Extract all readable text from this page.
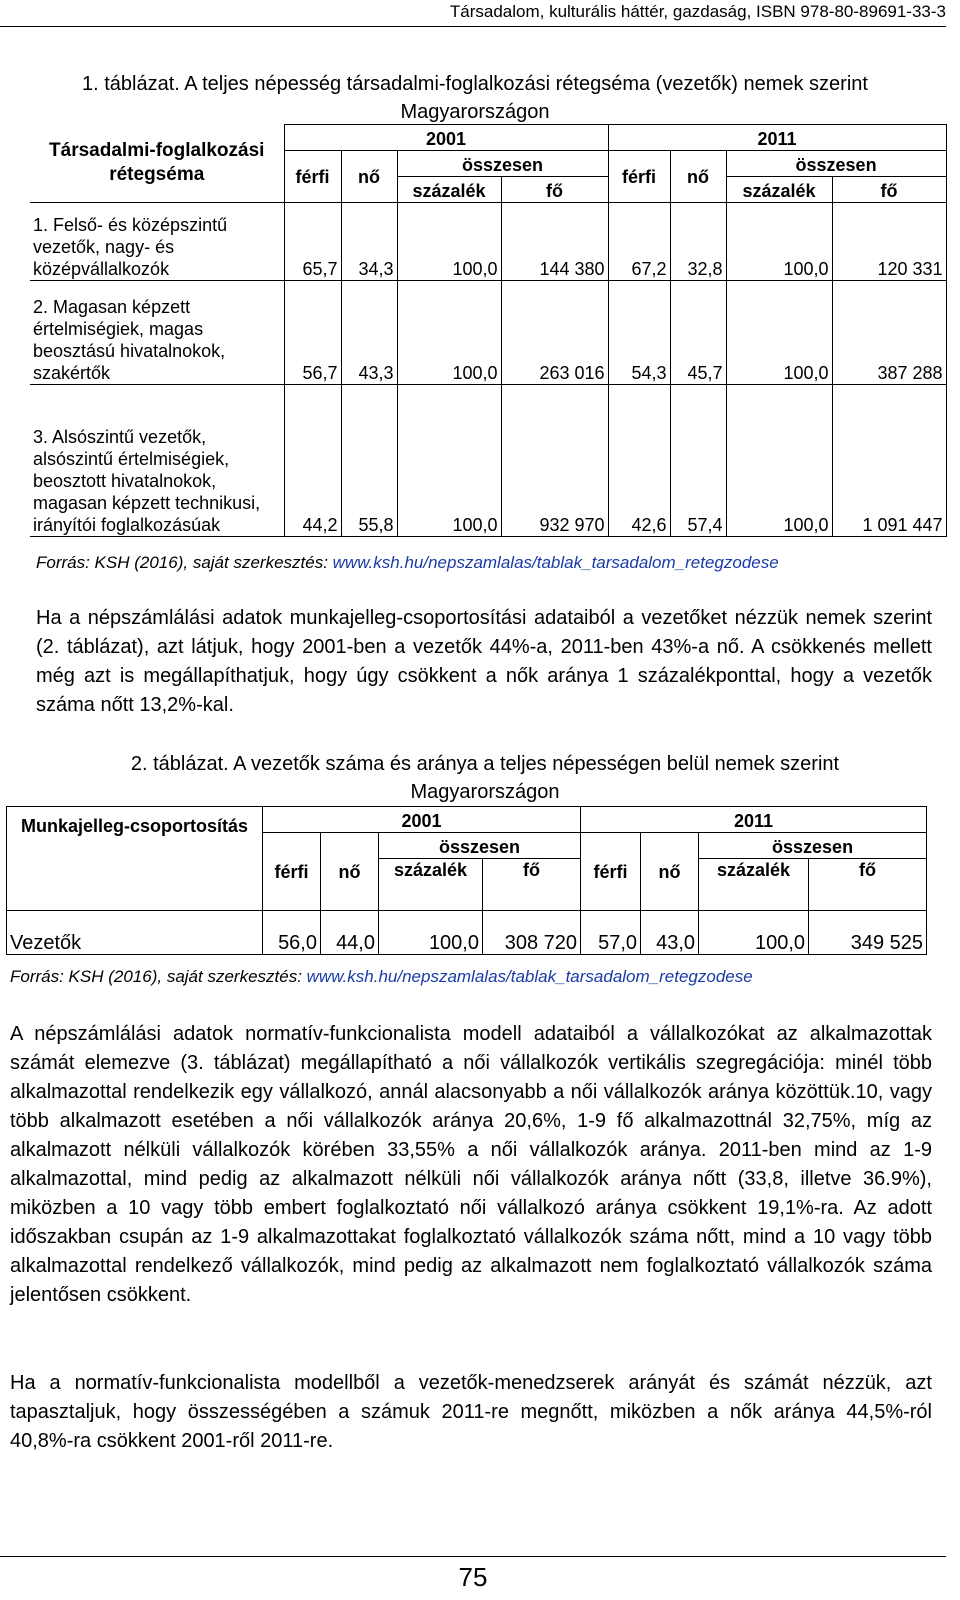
Társadalom, kulturális háttér, gazdaság, ISBN 978-80-89691-33-3
1. táblázat. A teljes népesség társadalmi-foglalkozási rétegséma (vezetők) nemek szerint
Magyarországon
Társadalmi-foglalkozási rétegséma	2001				2011			
	férfi	nő	összesen		férfi	nő	összesen	
			százalék	fő			százalék	fő
1. Felső- és középszintű vezetők, nagy- és középvállalkozók	65,7	34,3	100,0	144 380	67,2	32,8	100,0	120 331
2. Magasan képzett értelmiségiek, magas beosztású hivatalnokok, szakértők	56,7	43,3	100,0	263 016	54,3	45,7	100,0	387 288
3. Alsószintű vezetők, alsószintű értelmiségiek, beosztott hivatalnokok, magasan képzett technikusi, irányítói foglalkozásúak	44,2	55,8	100,0	932 970	42,6	57,4	100,0	1 091 447
Forrás: KSH (2016), saját szerkesztés: www.ksh.hu/nepszamlalas/tablak_tarsadalom_retegzodese

Ha a népszámlálási adatok munkajelleg-csoportosítási adataiból a vezetőket nézzük nemek szerint (2. táblázat), azt látjuk, hogy 2001-ben a vezetők 44%-a, 2011-ben 43%-a nő. A csökkenés mellett még azt is megállapíthatjuk, hogy úgy csökkent a nők aránya 1 százalékponttal, hogy a vezetők száma nőtt 13,2%-kal.

2. táblázat. A vezetők száma és aránya a teljes népességen belül nemek szerint
Magyarországon
Munkajelleg-csoportosítás	2001				2011			
	férfi	nő	összesen		férfi	nő	összesen	
			százalék	fő			százalék	fő
Vezetők	56,0	44,0	100,0	308 720	57,0	43,0	100,0	349 525
Forrás: KSH (2016), saját szerkesztés: www.ksh.hu/nepszamlalas/tablak_tarsadalom_retegzodese

A népszámlálási adatok normatív-funkcionalista modell adataiból a vállalkozókat az alkalmazottak számát elemezve (3. táblázat) megállapítható a női vállalkozók vertikális szegregációja: minél több alkalmazottal rendelkezik egy vállalkozó, annál alacsonyabb a női vállalkozók aránya közöttük.10, vagy több alkalmazott esetében a női vállalkozók aránya 20,6%, 1-9 fő alkalmazottnál 32,75%, míg az alkalmazott nélküli vállalkozók körében 33,55% a női vállalkozók aránya. 2011-ben mind az 1-9 alkalmazottal, mind pedig az alkalmazott nélküli női vállalkozók aránya nőtt (33,8, illetve 36.9%), miközben a 10 vagy több embert foglalkoztató női vállalkozó aránya csökkent 19,1%-ra. Az adott időszakban csupán az 1-9 alkalmazottakat foglalkoztató vállalkozók száma nőtt, mind a 10 vagy több alkalmazottal rendelkező vállalkozók, mind pedig az alkalmazott nem foglalkoztató vállalkozók száma jelentősen csökkent.

Ha a normatív-funkcionalista modellből a vezetők-menedzserek arányát és számát nézzük, azt tapasztaljuk, hogy összességében a számuk 2011-re megnőtt, miközben a nők aránya 44,5%-ról 40,8%-ra csökkent 2001-ről 2011-re.

75
